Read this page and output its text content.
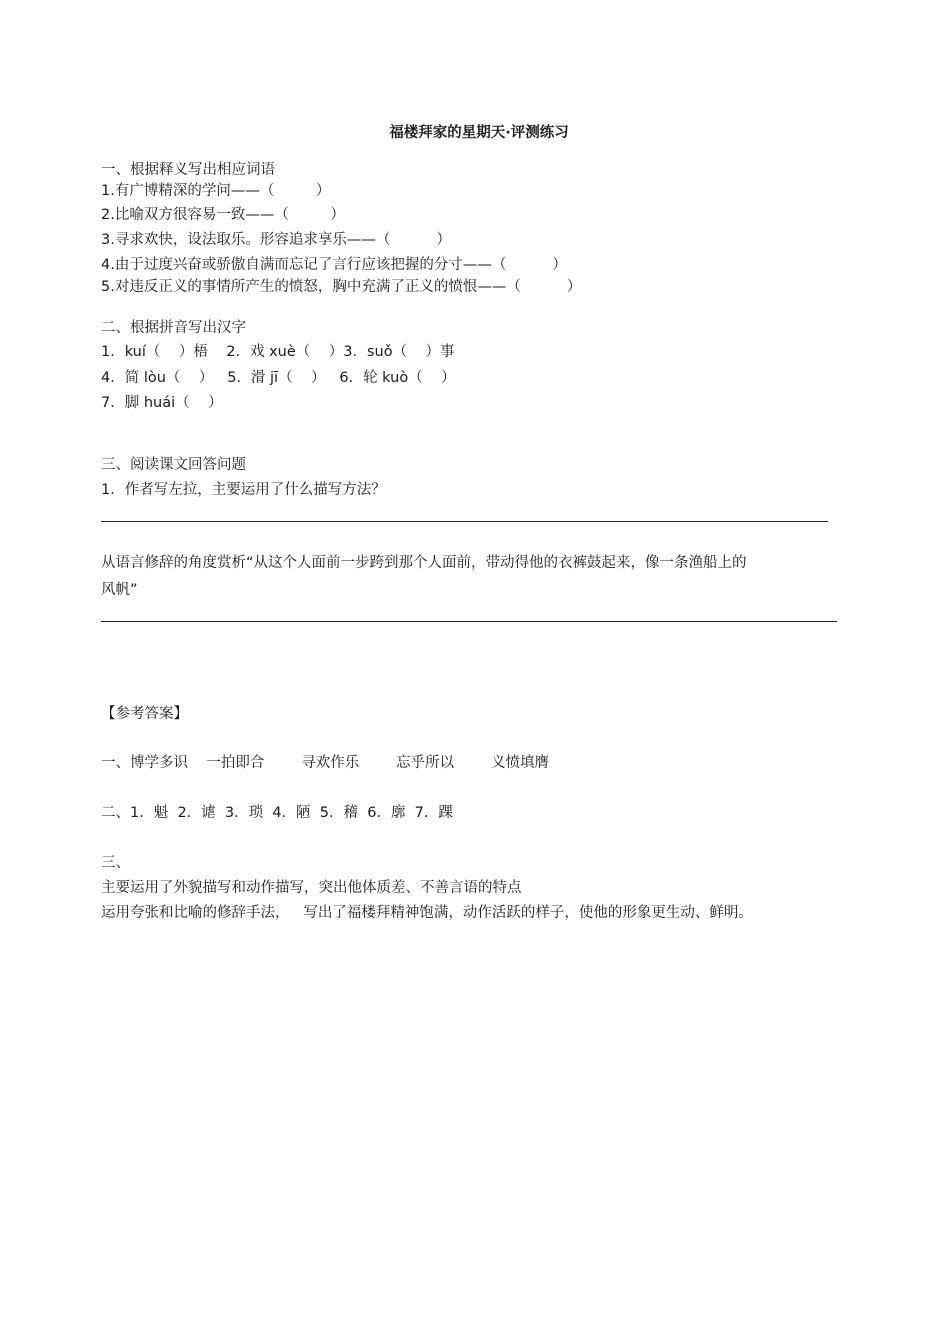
福楼拜家的星期天·评测练习

一、根据释义写出相应词语

1.有广博精深的学问——（         ）

2.比喻双方很容易一致——（         ）

3.寻求欢快，设法取乐。形容追求享乐——（          ）

4.由于过度兴奋或骄傲自满而忘记了言行应该把握的分寸——（          ）

5.对违反正义的事情所产生的愤怒，胸中充满了正义的愤恨——（          ）

二、根据拼音写出汉字

1．kuí（    ）梧    2．戏 xuè（    ）3．suǒ（    ）事

4．简 lòu（    ）   5．滑 jī（    ）   6．轮 kuò（    ）

7．脚 huái（    ）

三、阅读课文回答问题

1．作者写左拉，主要运用了什么描写方法？

从语言修辞的角度赏析“从这个人面前一步跨到那个人面前，带动得他的衣裤鼓起来，像一条渔船上的

风帆”

【参考答案】

一、博学多识    一拍即合        寻欢作乐        忘乎所以        义愤填膺

二、1．魁  2．谑  3．琐  4．陋  5．稽  6．廓  7．踝

三、

主要运用了外貌描写和动作描写，突出他体质差、不善言语的特点

运用夸张和比喻的修辞手法，   写出了福楼拜精神饱满，动作活跃的样子，使他的形象更生动、鲜明。
